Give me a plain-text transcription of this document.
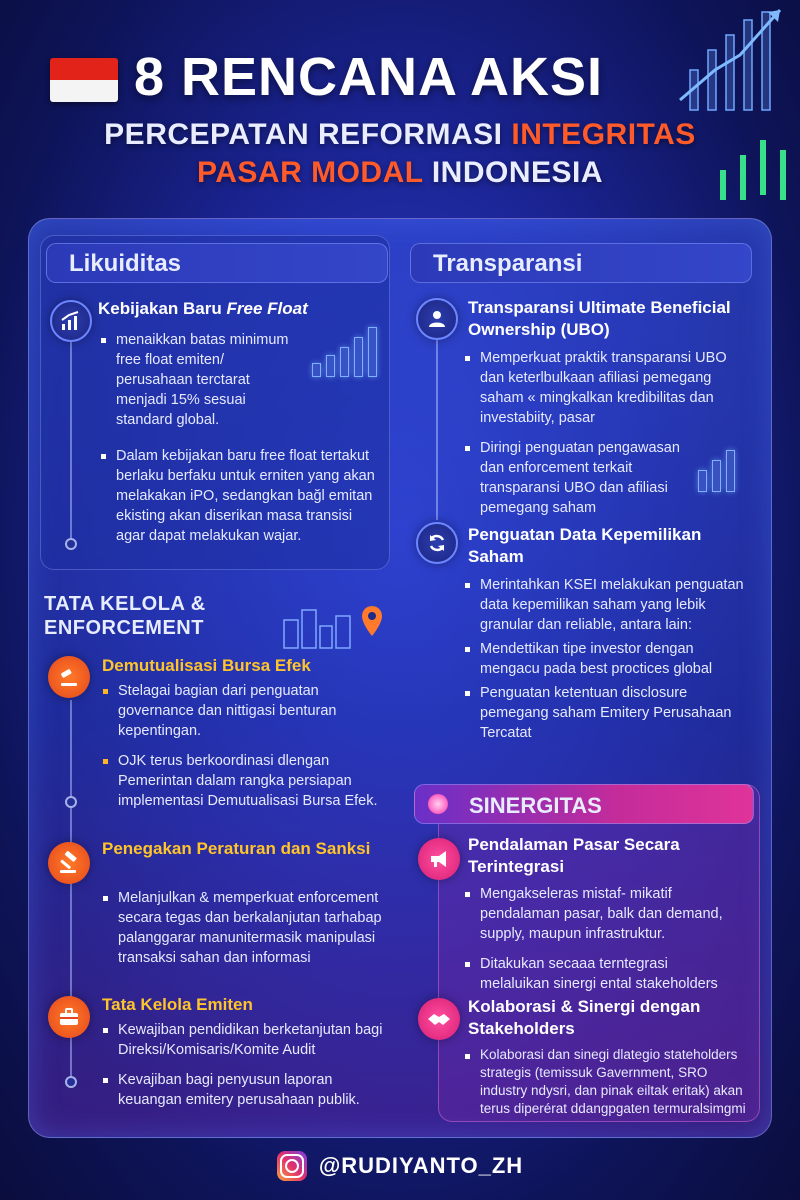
8 RENCANA AKSI
PERCEPATAN REFORMASI INTEGRITAS
PASAR MODAL INDONESIA
Likuiditas
Kebijakan Baru Free Float
menaikkan batas minimum free float emiten/ perusahaan terctarat menjadi 15% sesuai standard global.
Dalam kebijakan baru free float tertakut berlaku berfaku untuk erniten yang akan melakakan iPO, sedangkan bağl emitan ekisting akan diserikan masa transisi agar dapat melakukan wajar.
TATA KELOLA &
ENFORCEMENT
Demutualisasi Bursa Efek
Stelagai bagian dari penguatan governance dan nittigasi benturan kepentingan.
OJK terus berkoordinasi dlengan Pemerintan dalam rangka persiapan implementasi Demutualisasi Bursa Efek.
Penegakan Peraturan dan Sanksi
Melanjulkan & memperkuat enforcement secara tegas dan berkalanjutan tarhabap palanggarar manunitermasik manipulasi transaksi sahan dan informasi
Tata Kelola Emiten
Kewajiban pendidikan berketanjutan bagi Direksi/Komisaris/Komite Audit
Kevajiban bagi penyusun laporan keuangan emitery perusahaan publik.
Transparansi
Transparansi Ultimate Beneficial Ownership (UBO)
Memperkuat praktik transparansi UBO dan keterlbulkaan afiliasi pemegang saham « mingkalkan kredibilitas dan investabiity, pasar
Diringi penguatan pengawasan dan enforcement terkait transparansi UBO dan afiliasi pemegang saham
Penguatan Data Kepemilikan Saham
Merintahkan KSEI melakukan penguatan data kepemilikan saham yang lebik granular dan reliable, antara lain:
Mendettikan tipe investor dengan mengacu pada best proctices global
Penguatan ketentuan disclosure pemegang saham Emitery Perusahaan Tercatat
SINERGITAS
Pendalaman Pasar Secara Terintegrasi
Mengakseleras mistaf- mikatif pendalaman pasar, balk dan demand, supply, maupun infrastruktur.
Ditakukan secaaa terntegrasi melaluikan sinergi ental stakeholders
Kolaborasi & Sinergi dengan Stakeholders
Kolaborasi dan sinegi dlategio stateholders strategis (temissuk Gavernment, SRO industry ndysri, dan pinak eiltak eritak) akan terus diperérat ddangpgaten termuralsimgmi
@RUDIYANTO_ZH
